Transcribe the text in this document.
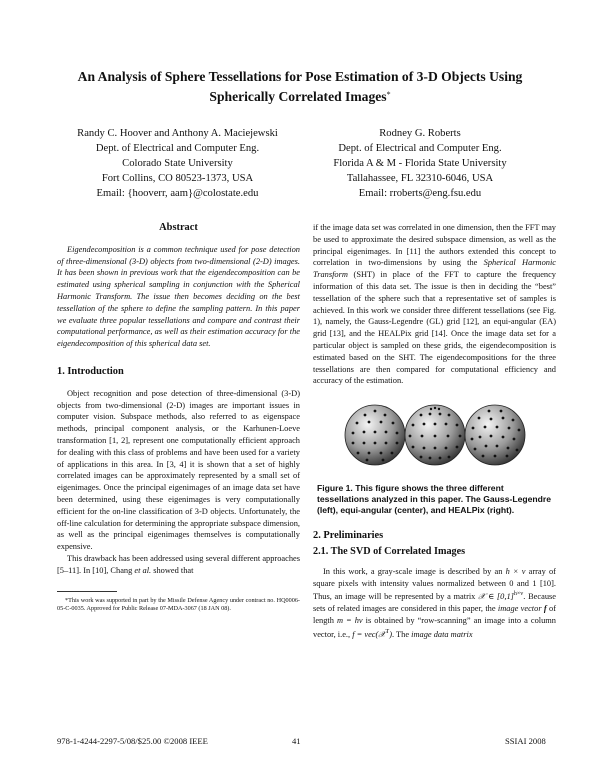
An Analysis of Sphere Tessellations for Pose Estimation of 3-D Objects Using
Spherically Correlated Images*
Randy C. Hoover and Anthony A. Maciejewski
Dept. of Electrical and Computer Eng.
Colorado State University
Fort Collins, CO 80523-1373, USA
Email: {hooverr, aam}@colostate.edu
Rodney G. Roberts
Dept. of Electrical and Computer Eng.
Florida A & M - Florida State University
Tallahassee, FL 32310-6046, USA
Email: rroberts@eng.fsu.edu
Abstract

Eigendecomposition is a common technique used for pose detection of three-dimensional (3-D) objects from two-dimensional (2-D) images. It has been shown in previous work that the eigendecomposition can be estimated using spherical sampling in conjunction with the Spherical Harmonic Transform. The issue then becomes deciding on the best tessellation of the sphere to define the sampling pattern. In this paper we evaluate three popular tessellations and compare and contrast their computational performance, as well as their estimation accuracy for the eigendecomposition of this spherical data set.

1. Introduction

Object recognition and pose detection of three-dimensional (3-D) objects from two-dimensional (2-D) images are important issues in computer vision. Subspace methods, also referred to as eigenspace methods, principal component analysis, or the Karhunen-Loeve transformation [1, 2], represent one computationally efficient approach for dealing with this class of problems and have been used for a variety of applications in this area. In [3, 4] it is shown that a set of highly correlated images can be approximately represented by a small set of eigenimages. Once the principal eigenimages of an image data set have been determined, using these eigenimages is very computationally efficient for the on-line classification of 3-D objects. Unfortunately, the off-line calculation for determining the appropriate subspace dimension, as well as the principal eigenimages themselves is computationally expensive.

This drawback has been addressed using several different approaches [5–11]. In [10], Chang et al. showed that

*This work was supported in part by the Missile Defense Agency under contract no. HQ0006-05-C-0035. Approved for Public Release 07-MDA-3067 (18 JAN 08).

if the image data set was correlated in one dimension, then the FFT may be used to approximate the desired subspace dimension, as well as the principal eigenimages. In [11] the authors extended this concept to correlation in two-dimensions by using the Spherical Harmonic Transform (SHT) in place of the FFT to capture the frequency information of this data set. The issue is then in deciding the “best” tessellation of the sphere such that a representative set of samples is achieved. In this work we consider three different tessellations (see Fig. 1), namely, the Gauss-Legendre (GL) grid [12], an equi-angular (EA) grid [13], and the HEALPix grid [14]. Once the image data set for a particular object is sampled on these grids, the eigendecomposition is estimated based on the SHT. The eigendecompositions for the three tessellations are then compared for computational efficiency and accuracy of the estimation.

Figure 1. This figure shows the three different tessellations analyzed in this paper. The Gauss-Legendre (left), equi-angular (center), and HEALPix (right).

2. Preliminaries
2.1. The SVD of Correlated Images

In this work, a gray-scale image is described by an h × v array of square pixels with intensity values normalized between 0 and 1 [10]. Thus, an image will be represented by a matrix 𝒳 ∈ $[0,1]^{h\times v}$. Because sets of related images are considered in this paper, the image vector f of length m = hv is obtained by “row-scanning” an image into a column vector, i.e., f = vec(𝒳$^T$). The image data matrix

978-1-4244-2297-5/08/$25.00 ©2008 IEEE	41	SSIAI 2008
